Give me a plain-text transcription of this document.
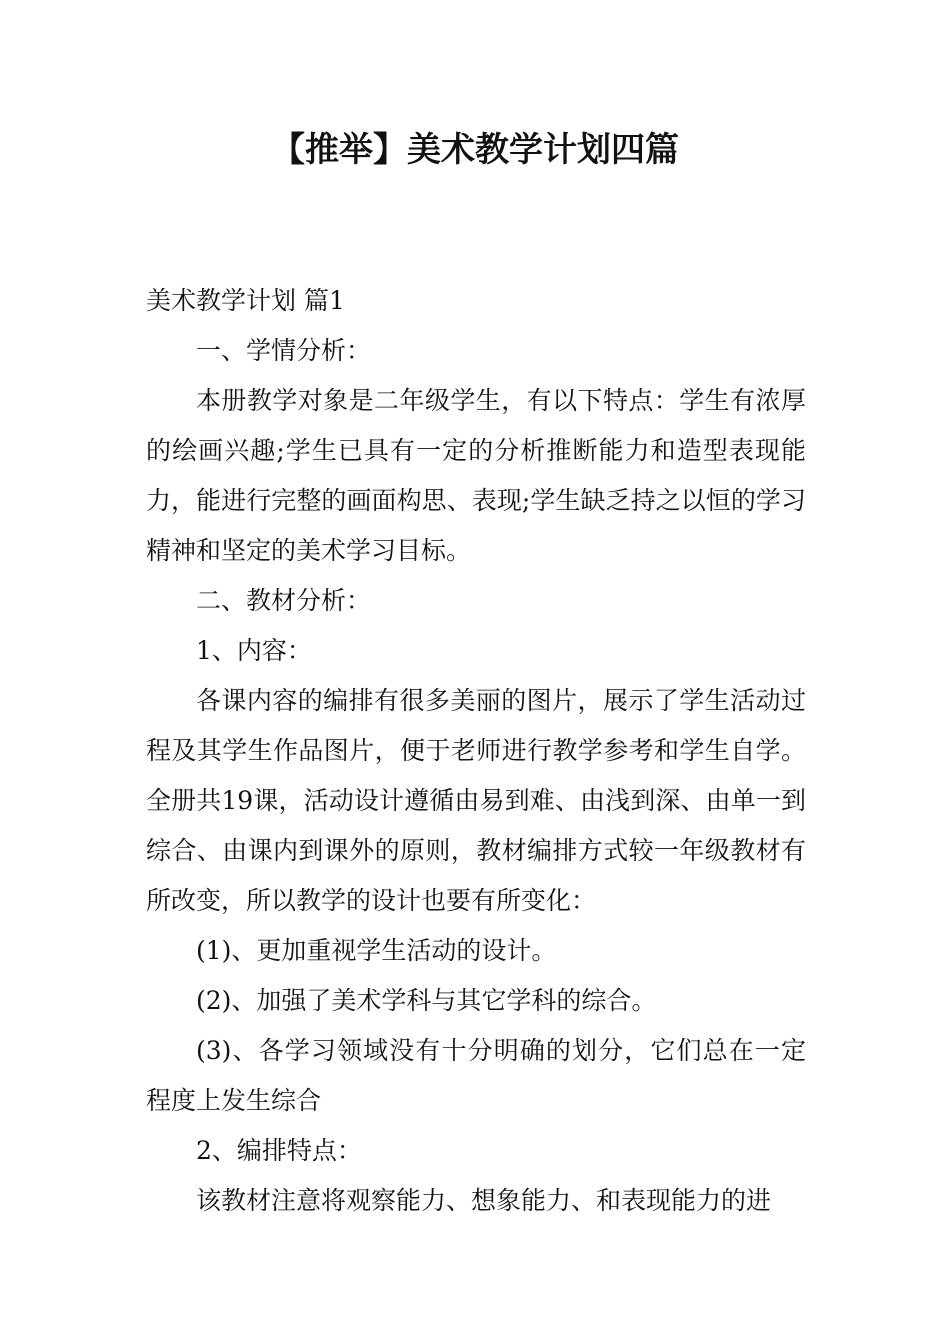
【推举】美术教学计划四篇

美术教学计划 篇1

一、学情分析：

本册教学对象是二年级学生，有以下特点：学生有浓厚的绘画兴趣;学生已具有一定的分析推断能力和造型表现能力，能进行完整的画面构思、表现;学生缺乏持之以恒的学习精神和坚定的美术学习目标。

二、教材分析：

1、内容：

各课内容的编排有很多美丽的图片，展示了学生活动过程及其学生作品图片，便于老师进行教学参考和学生自学。全册共19课，活动设计遵循由易到难、由浅到深、由单一到综合、由课内到课外的原则，教材编排方式较一年级教材有所改变，所以教学的设计也要有所变化：

(1)、更加重视学生活动的设计。

(2)、加强了美术学科与其它学科的综合。

(3)、各学习领域没有十分明确的划分，它们总在一定程度上发生综合

2、编排特点：

该教材注意将观察能力、想象能力、和表现能力的进
